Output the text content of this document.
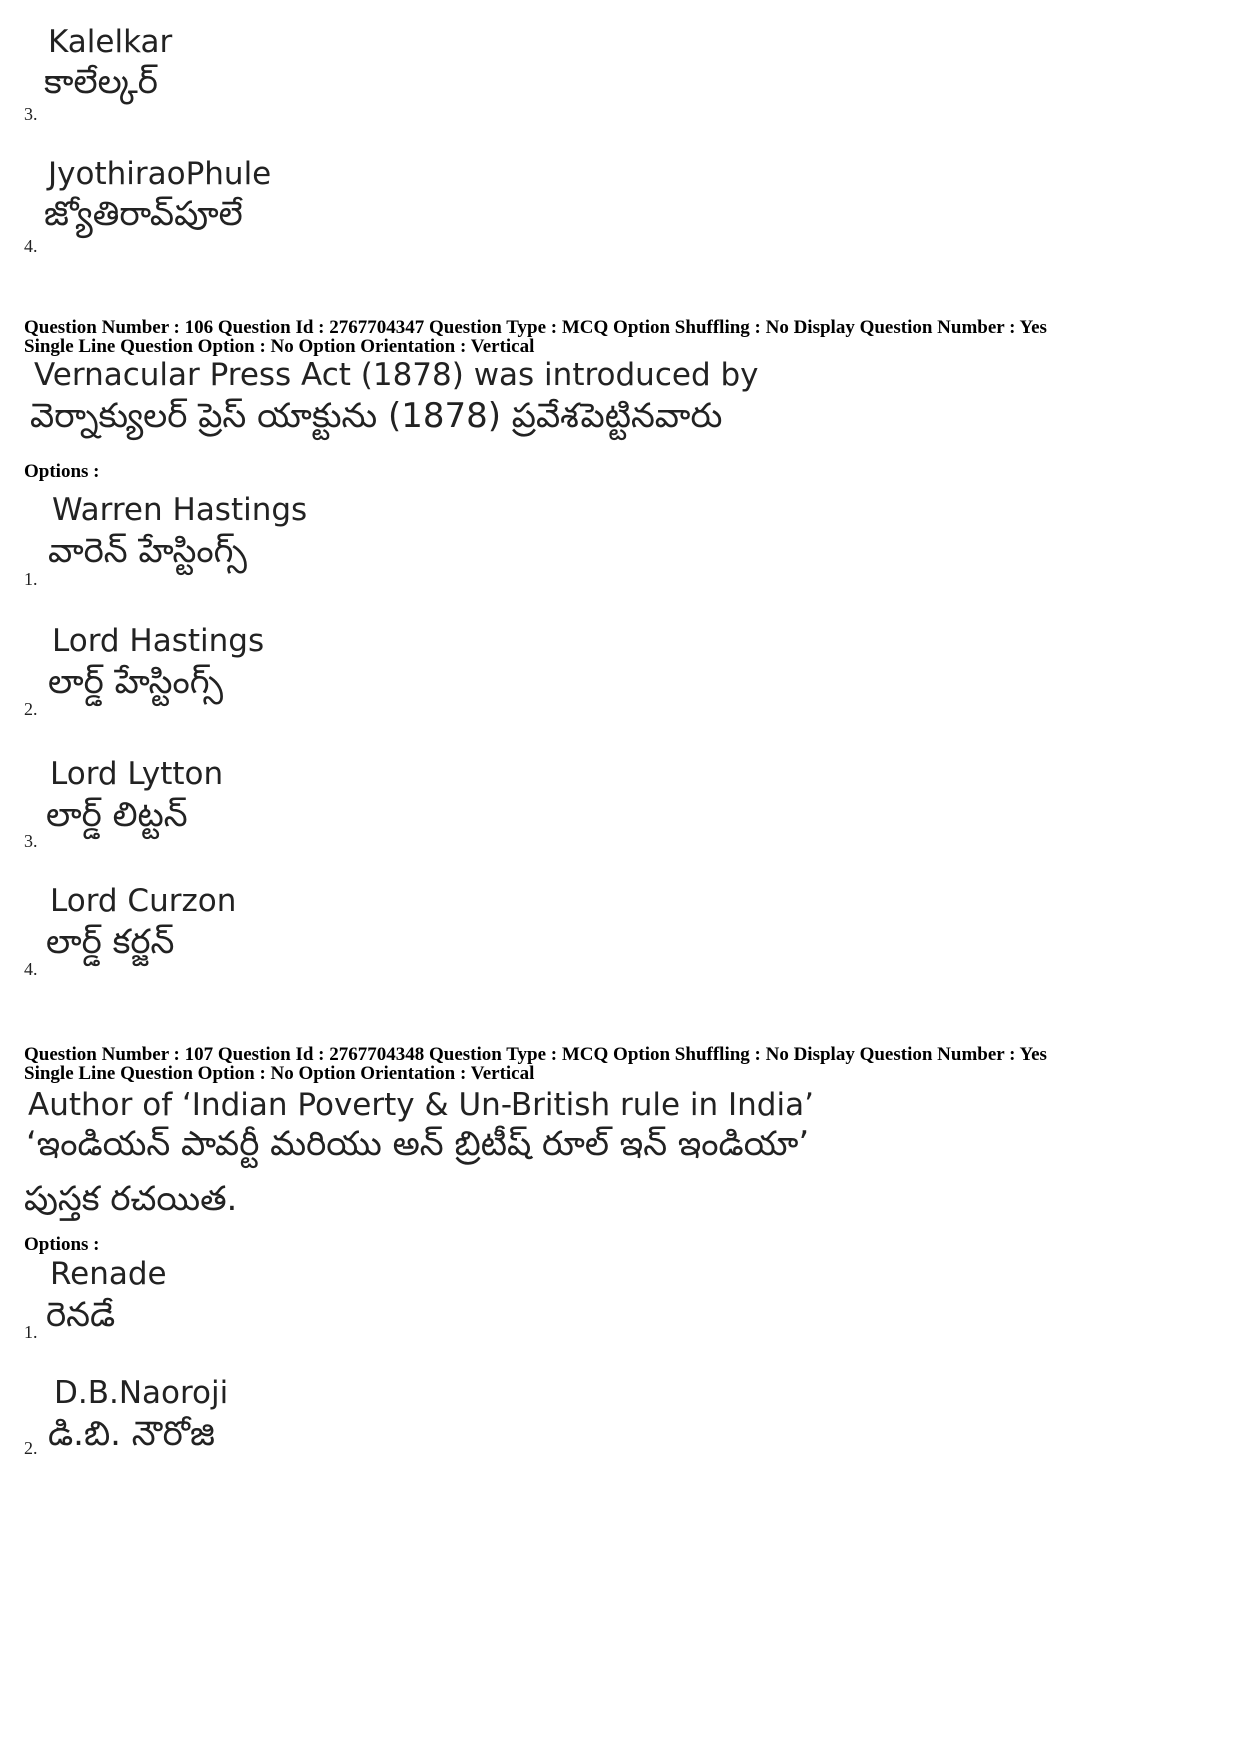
Kalelkar
కాలేల్కర్
3.
JyothiraoPhule
జ్యోతిరావ్‌పూలే
4.
Question Number : 106 Question Id : 2767704347 Question Type : MCQ Option Shuffling : No Display Question Number : Yes
Single Line Question Option : No Option Orientation : Vertical
Vernacular Press Act (1878) was introduced by
వెర్నాక్యులర్ ప్రెస్ యాక్టును (1878) ప్రవేశపెట్టినవారు
Options :
Warren Hastings
వారెన్ హేస్టింగ్స్
1.
Lord Hastings
లార్డ్ హేస్టింగ్స్
2.
Lord Lytton
లార్డ్ లిట్టన్
3.
Lord Curzon
లార్డ్ కర్జన్
4.
Question Number : 107 Question Id : 2767704348 Question Type : MCQ Option Shuffling : No Display Question Number : Yes
Single Line Question Option : No Option Orientation : Vertical
Author of ‘Indian Poverty & Un-British rule in India’
‘ఇండియన్ పావర్టీ మరియు అన్ బ్రిటీష్ రూల్ ఇన్ ఇండియా’
పుస్తక రచయిత.
Options :
Renade
రెనడే
1.
D.B.Naoroji
డి.బి. నౌరోజి
2.
